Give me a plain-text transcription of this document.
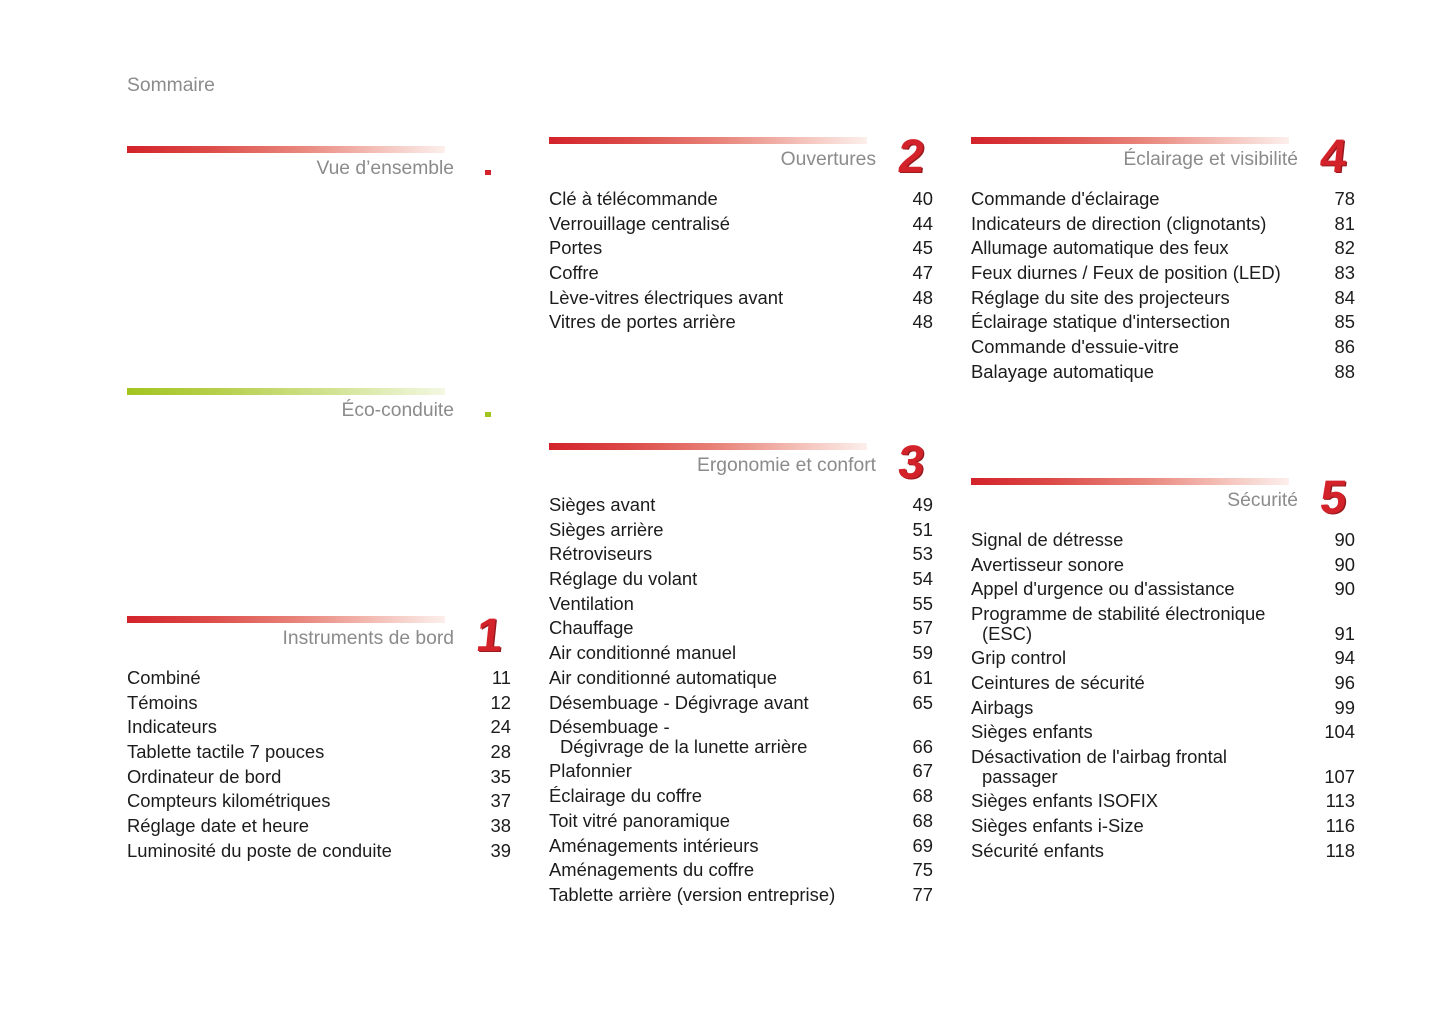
Sommaire
Vue d’ensemble
Éco-conduite
Instruments de bord 1
Combiné	11
Témoins	12
Indicateurs	24
Tablette tactile 7 pouces	28
Ordinateur de bord	35
Compteurs kilométriques	37
Réglage date et heure	38
Luminosité du poste de conduite	39
Ouvertures 2
Clé à télécommande	40
Verrouillage centralisé	44
Portes	45
Coffre	47
Lève-vitres électriques avant	48
Vitres de portes arrière	48
Ergonomie et confort 3
Sièges avant	49
Sièges arrière	51
Rétroviseurs	53
Réglage du volant	54
Ventilation	55
Chauffage	57
Air conditionné manuel	59
Air conditionné automatique	61
Désembuage - Dégivrage avant	65
Désembuage -
Dégivrage de la lunette arrière	66
Plafonnier	67
Éclairage du coffre	68
Toit vitré panoramique	68
Aménagements intérieurs	69
Aménagements du coffre	75
Tablette arrière (version entreprise)	77
Éclairage et visibilité 4
Commande d'éclairage	78
Indicateurs de direction (clignotants)	81
Allumage automatique des feux	82
Feux diurnes / Feux de position (LED)	83
Réglage du site des projecteurs	84
Éclairage statique d'intersection	85
Commande d'essuie-vitre	86
Balayage automatique	88
Sécurité 5
Signal de détresse	90
Avertisseur sonore	90
Appel d'urgence ou d'assistance	90
Programme de stabilité électronique
(ESC)	91
Grip control	94
Ceintures de sécurité	96
Airbags	99
Sièges enfants	104
Désactivation de l'airbag frontal
passager	107
Sièges enfants ISOFIX	113
Sièges enfants i-Size	116
Sécurité enfants	118
